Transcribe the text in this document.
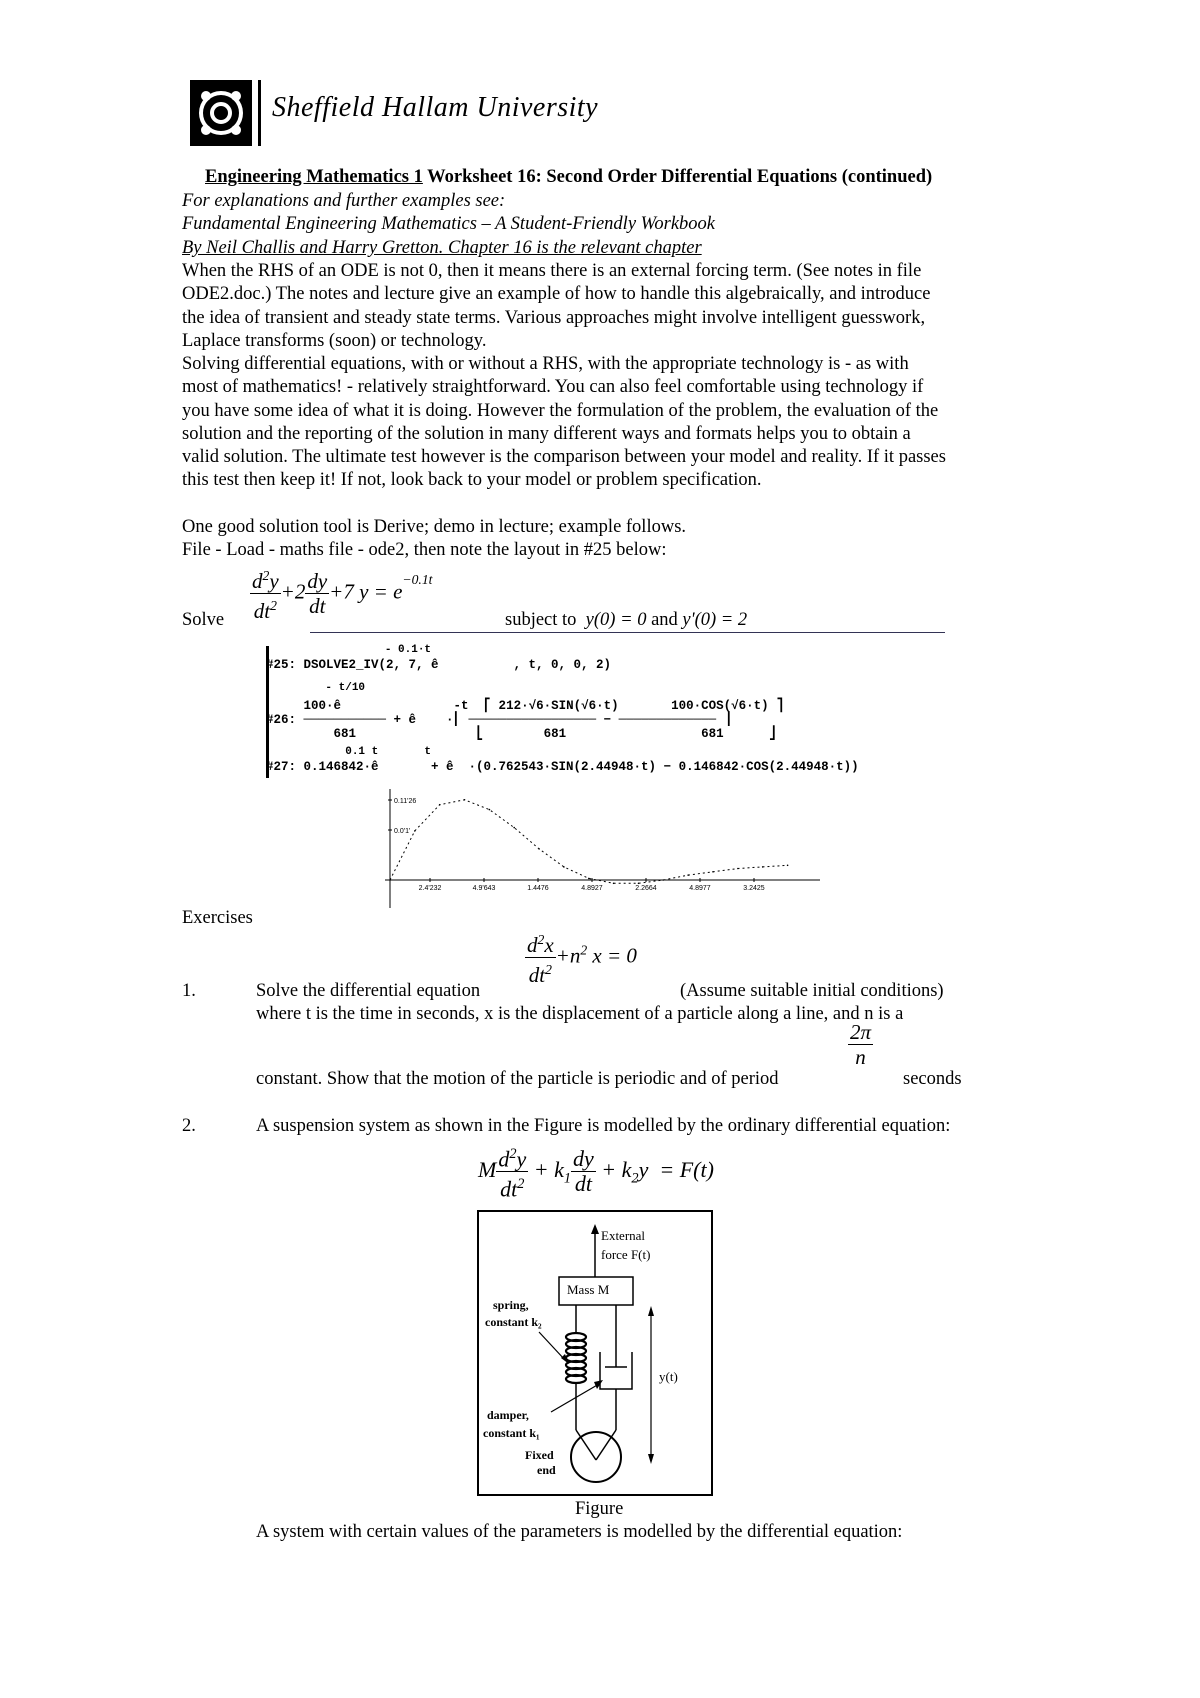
Sheffield Hallam University
Engineering Mathematics 1 Worksheet 16: Second Order Differential Equations (continued)
For explanations and further examples see:
Fundamental Engineering Mathematics – A Student-Friendly Workbook
By Neil Challis and Harry Gretton. Chapter 16 is the relevant chapter
When the RHS of an ODE is not 0, then it means there is an external forcing term. (See notes in file
ODE2.doc.) The notes and lecture give an example of how to handle this algebraically, and introduce
the idea of transient and steady state terms. Various approaches might involve intelligent guesswork,
Laplace transforms (soon) or technology.
Solving differential equations, with or without a RHS, with the appropriate technology is - as with
most of mathematics! - relatively straightforward. You can also feel comfortable using technology if
you have some idea of what it is doing. However the formulation of the problem, the evaluation of the
solution and the reporting of the solution in many different ways and formats helps you to obtain a
valid solution. The ultimate test however is the comparison between your model and reality. If it passes
this test then keep it! If not, look back to your model or problem specification.
One good solution tool is Derive; demo in lecture; example follows.
File - Load - maths file - ode2, then note the layout in #25 below:
Solve $\frac{d^2y}{dt^2} +2 \frac{dy}{dt} +7$ $y = e^{-0.1t}$
subject to y(0) = 0 and y'(0) = 2
- 0.1·t
#25: DSOLVE2_IV(2, 7, ê          , t, 0, 0, 2)
- t/10
100·ê               -t  ⎡ 212·√6·SIN(√6·t)       100·COS(√6·t) ⎤
#26: ─────────── + ê    ·⎢ ───────────────── − ───────────── ⎥
681                ⎣        681                  681      ⎦
0.1 t       t
#27: 0.146842·ê       + ê  ·(0.762543·SIN(2.44948·t) − 0.146842·COS(2.44948·t))
2.4'232	4.9'643	1.4476	4.8927	2.2664	4.8977	3.2425
0.11'26
0.0'1'
Exercises
$\frac{d^2x}{dt^2} +n^2$ x = 0
1.	Solve the differential equation	(Assume suitable initial conditions)
where t is the time in seconds, x is the displacement of a particle along a line, and n is a
constant. Show that the motion of the particle is periodic and of period
$\frac{2\pi}{n}$
seconds
2.	A suspension system as shown in the Figure is modelled by the ordinary differential equation:
M $\frac{d^2y}{dt^2} + k_1 \frac{dy}{dt} + k_2y = F(t)$
External
force F(t)
Mass M
spring,
constant k₂
y(t)
damper,
constant k₁
Fixed
end
Figure
A system with certain values of the parameters is modelled by the differential equation:
